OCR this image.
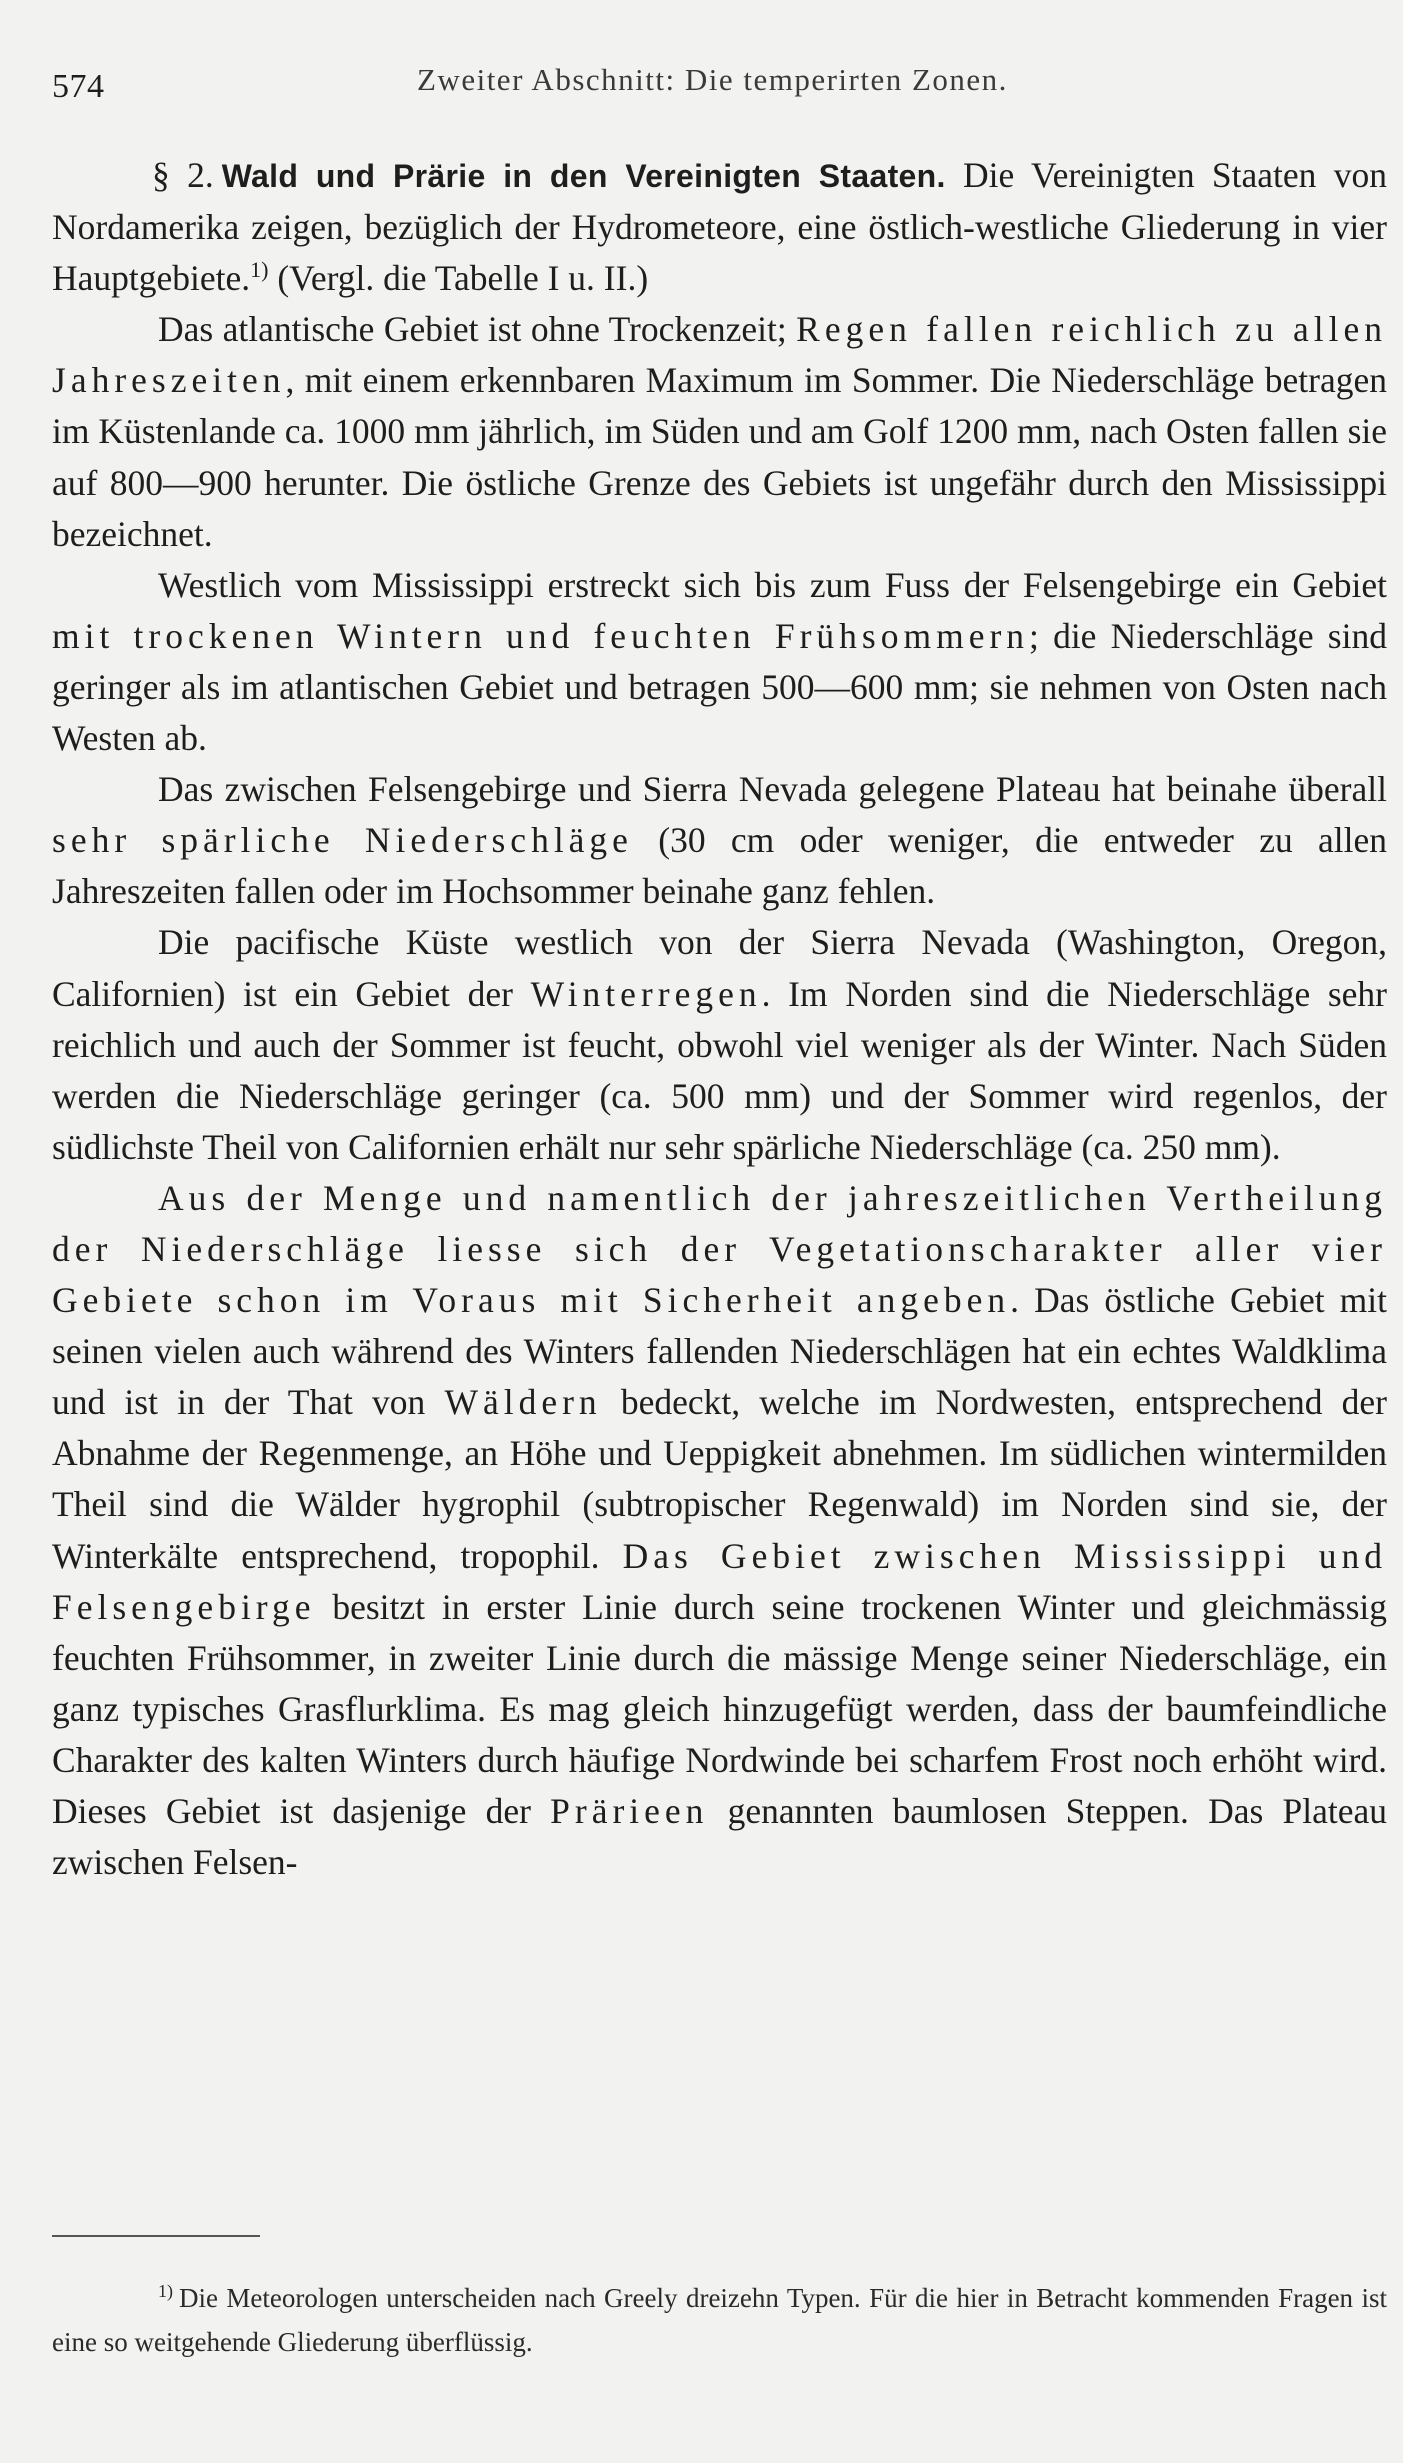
574	Zweiter Abschnitt: Die temperirten Zonen.

§ 2. Wald und Prärie in den Vereinigten Staaten. Die Vereinigten Staaten von Nordamerika zeigen, bezüglich der Hydrometeore, eine östlich-westliche Gliederung in vier Hauptgebiete.$^{1)}$ (Vergl. die Tabelle I u. II.)

Das atlantische Gebiet ist ohne Trockenzeit; Regen fallen reichlich zu allen Jahreszeiten, mit einem erkennbaren Maximum im Sommer. Die Niederschläge betragen im Küstenlande ca. 1000 mm jährlich, im Süden und am Golf 1200 mm, nach Osten fallen sie auf 800—900 herunter. Die östliche Grenze des Gebiets ist ungefähr durch den Mississippi bezeichnet.

Westlich vom Mississippi erstreckt sich bis zum Fuss der Felsengebirge ein Gebiet mit trockenen Wintern und feuchten Frühsommern; die Niederschläge sind geringer als im atlantischen Gebiet und betragen 500—600 mm; sie nehmen von Osten nach Westen ab.

Das zwischen Felsengebirge und Sierra Nevada gelegene Plateau hat beinahe überall sehr spärliche Niederschläge (30 cm oder weniger, die entweder zu allen Jahreszeiten fallen oder im Hochsommer beinahe ganz fehlen.

Die pacifische Küste westlich von der Sierra Nevada (Washington, Oregon, Californien) ist ein Gebiet der Winterregen. Im Norden sind die Niederschläge sehr reichlich und auch der Sommer ist feucht, obwohl viel weniger als der Winter. Nach Süden werden die Niederschläge geringer (ca. 500 mm) und der Sommer wird regenlos, der südlichste Theil von Californien erhält nur sehr spärliche Niederschläge (ca. 250 mm).

Aus der Menge und namentlich der jahreszeitlichen Vertheilung der Niederschläge liesse sich der Vegetationscharakter aller vier Gebiete schon im Voraus mit Sicherheit angeben. Das östliche Gebiet mit seinen vielen auch während des Winters fallenden Niederschlägen hat ein echtes Waldklima und ist in der That von Wäldern bedeckt, welche im Nordwesten, entsprechend der Abnahme der Regenmenge, an Höhe und Ueppigkeit abnehmen. Im südlichen wintermilden Theil sind die Wälder hygrophil (subtropischer Regenwald) im Norden sind sie, der Winterkälte entsprechend, tropophil. Das Gebiet zwischen Mississippi und Felsengebirge besitzt in erster Linie durch seine trockenen Winter und gleichmässig feuchten Frühsommer, in zweiter Linie durch die mässige Menge seiner Niederschläge, ein ganz typisches Grasflurklima. Es mag gleich hinzugefügt werden, dass der baumfeindliche Charakter des kalten Winters durch häufige Nordwinde bei scharfem Frost noch erhöht wird. Dieses Gebiet ist dasjenige der Prärieen genannten baumlosen Steppen. Das Plateau zwischen Felsen-

$^{1)}$ Die Meteorologen unterscheiden nach Greely dreizehn Typen. Für die hier in Betracht kommenden Fragen ist eine so weitgehende Gliederung überflüssig.
